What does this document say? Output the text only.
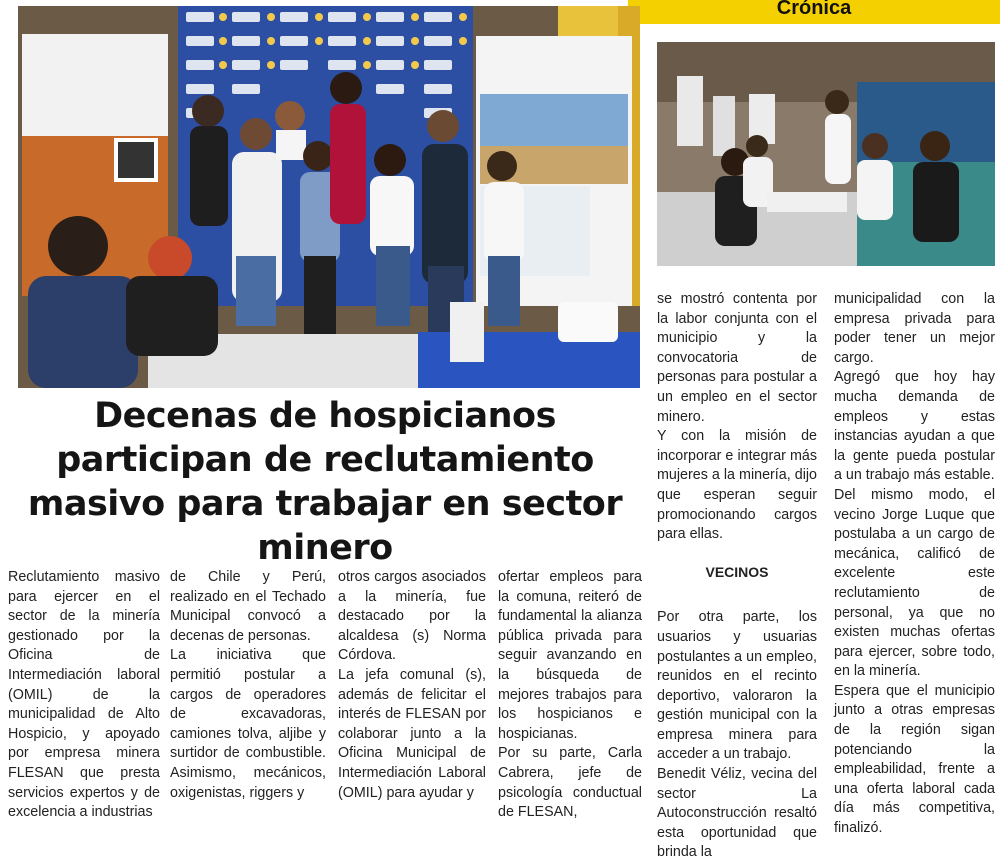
Crónica
Decenas de hospicianos participan de reclutamiento masivo para trabajar en sector minero

Reclutamiento masivo para ejercer en el sector de la minería gestionado por la Oficina de Intermediación laboral (OMIL) de la municipalidad de Alto Hospicio, y apoyado por empresa minera FLESAN que presta servicios expertos y de excelencia a industrias

de Chile y Perú, realizado en el Techado Municipal convocó a decenas de personas.

La iniciativa que permitió postular a cargos de operadores de excavadoras, camiones tolva, aljibe y surtidor de combustible. Asimismo, mecánicos, oxigenistas, riggers y

otros cargos asociados a la minería, fue destacado por la alcaldesa (s) Norma Córdova.

La jefa comunal (s), además de felicitar el interés de FLESAN por colaborar junto a la Oficina Municipal de Intermediación Laboral (OMIL) para ayudar y

ofertar empleos para la comuna, reiteró de fundamental la alianza pública privada para seguir avanzando en la búsqueda de mejores trabajos para los hospicianos e hospicianas.

Por su parte, Carla Cabrera, jefe de psicología conductual de FLESAN,

se mostró contenta por la labor conjunta con el municipio y la convocatoria de personas para postular a un empleo en el sector minero.

Y con la misión de incorporar e integrar más mujeres a la minería, dijo que esperan seguir promocionando cargos para ellas.

VECINOS

Por otra parte, los usuarios y usuarias postulantes a un empleo, reunidos en el recinto deportivo, valoraron la gestión municipal con la empresa minera para acceder a un trabajo.

Benedit Véliz, vecina del sector La Autoconstrucción resaltó esta oportunidad que brinda la

municipalidad con la empresa privada para poder tener un mejor cargo.

Agregó que hoy hay mucha demanda de empleos y estas instancias ayudan a que la gente pueda postular a un trabajo más estable.

Del mismo modo, el vecino Jorge Luque que postulaba a un cargo de mecánica, calificó de excelente este reclutamiento de personal, ya que no existen muchas ofertas para ejercer, sobre todo, en la minería.

Espera que el municipio junto a otras empresas de la región sigan potenciando la empleabilidad, frente a una oferta laboral cada día más competitiva, finalizó.
